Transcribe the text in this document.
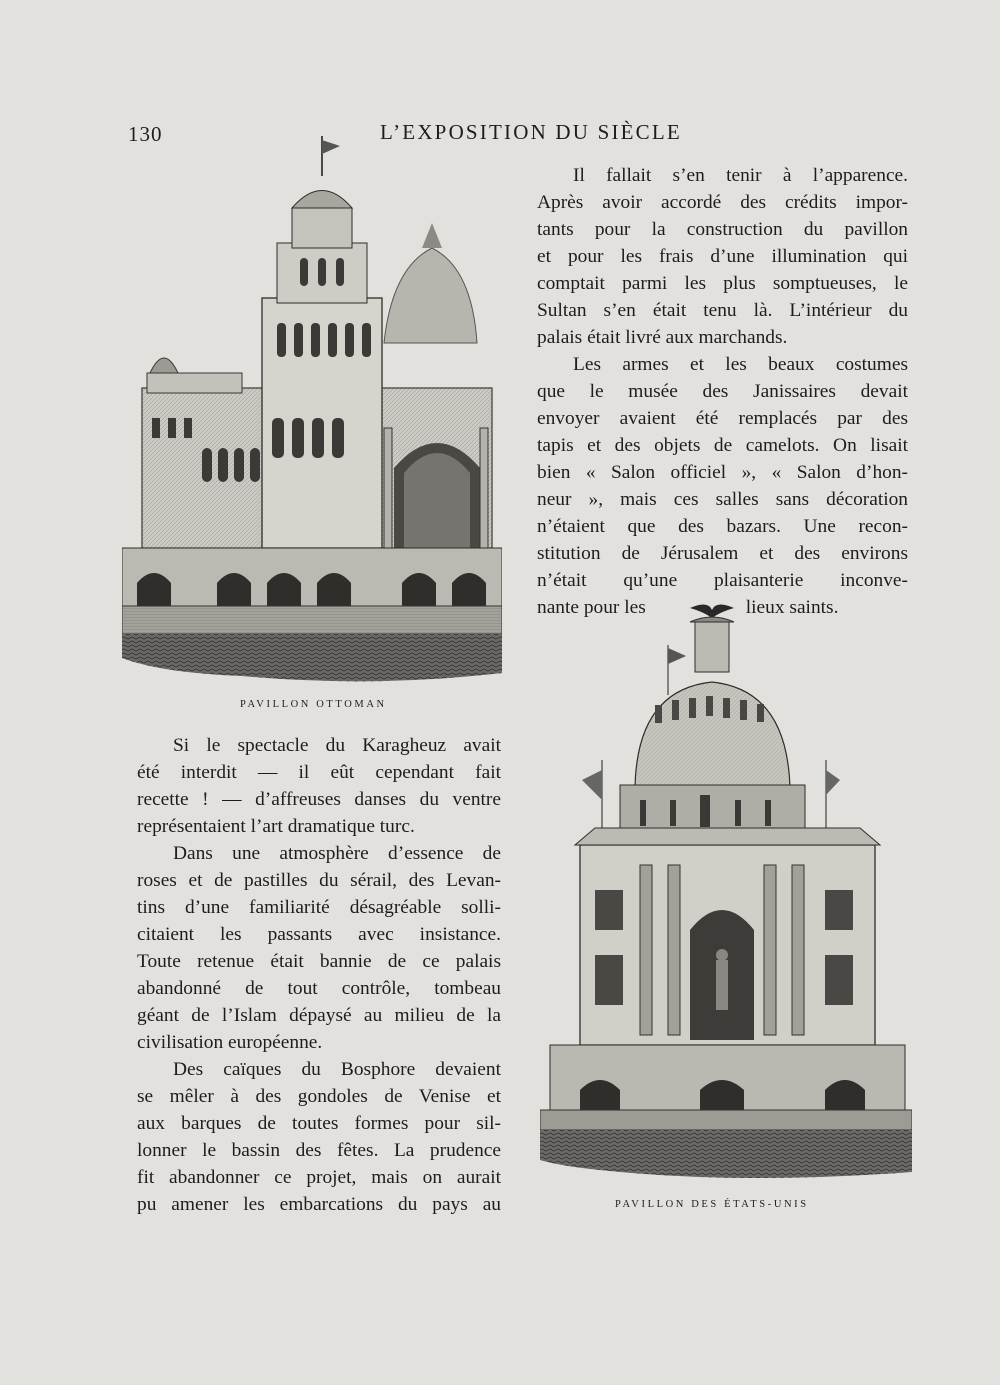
130	L’EXPOSITION DU SIÈCLE
Il fallait s’en tenir à l’apparence.
Après avoir accordé des crédits impor-
tants pour la construction du pavillon
et pour les frais d’une illumination qui
comptait parmi les plus somptueuses, le
Sultan s’en était tenu là. L’intérieur du
palais était livré aux marchands.
Les armes et les beaux costumes
que le musée des Janissaires devait
envoyer avaient été remplacés par des
tapis et des objets de camelots. On lisait
bien « Salon officiel », « Salon d’hon-
neur », mais ces salles sans décoration
n’étaient que des bazars. Une recon-
stitution de Jérusalem et des environs
n’était qu’une plaisanterie inconve-
nante pour les	lieux saints.
PAVILLON OTTOMAN
Si le spectacle du Karagheuz avait
été interdit — il eût cependant fait
recette ! — d’affreuses danses du ventre
représentaient l’art dramatique turc.
Dans une atmosphère d’essence de
roses et de pastilles du sérail, des Levan-
tins d’une familiarité désagréable solli-
citaient les passants avec insistance.
Toute retenue était bannie de ce palais
abandonné de tout contrôle, tombeau
géant de l’Islam dépaysé au milieu de la
civilisation européenne.
Des caïques du Bosphore devaient
se mêler à des gondoles de Venise et
aux barques de toutes formes pour sil-
lonner le bassin des fêtes. La prudence
fit abandonner ce projet, mais on aurait
pu amener les embarcations du pays au	PAVILLON DES ÉTATS-UNIS
